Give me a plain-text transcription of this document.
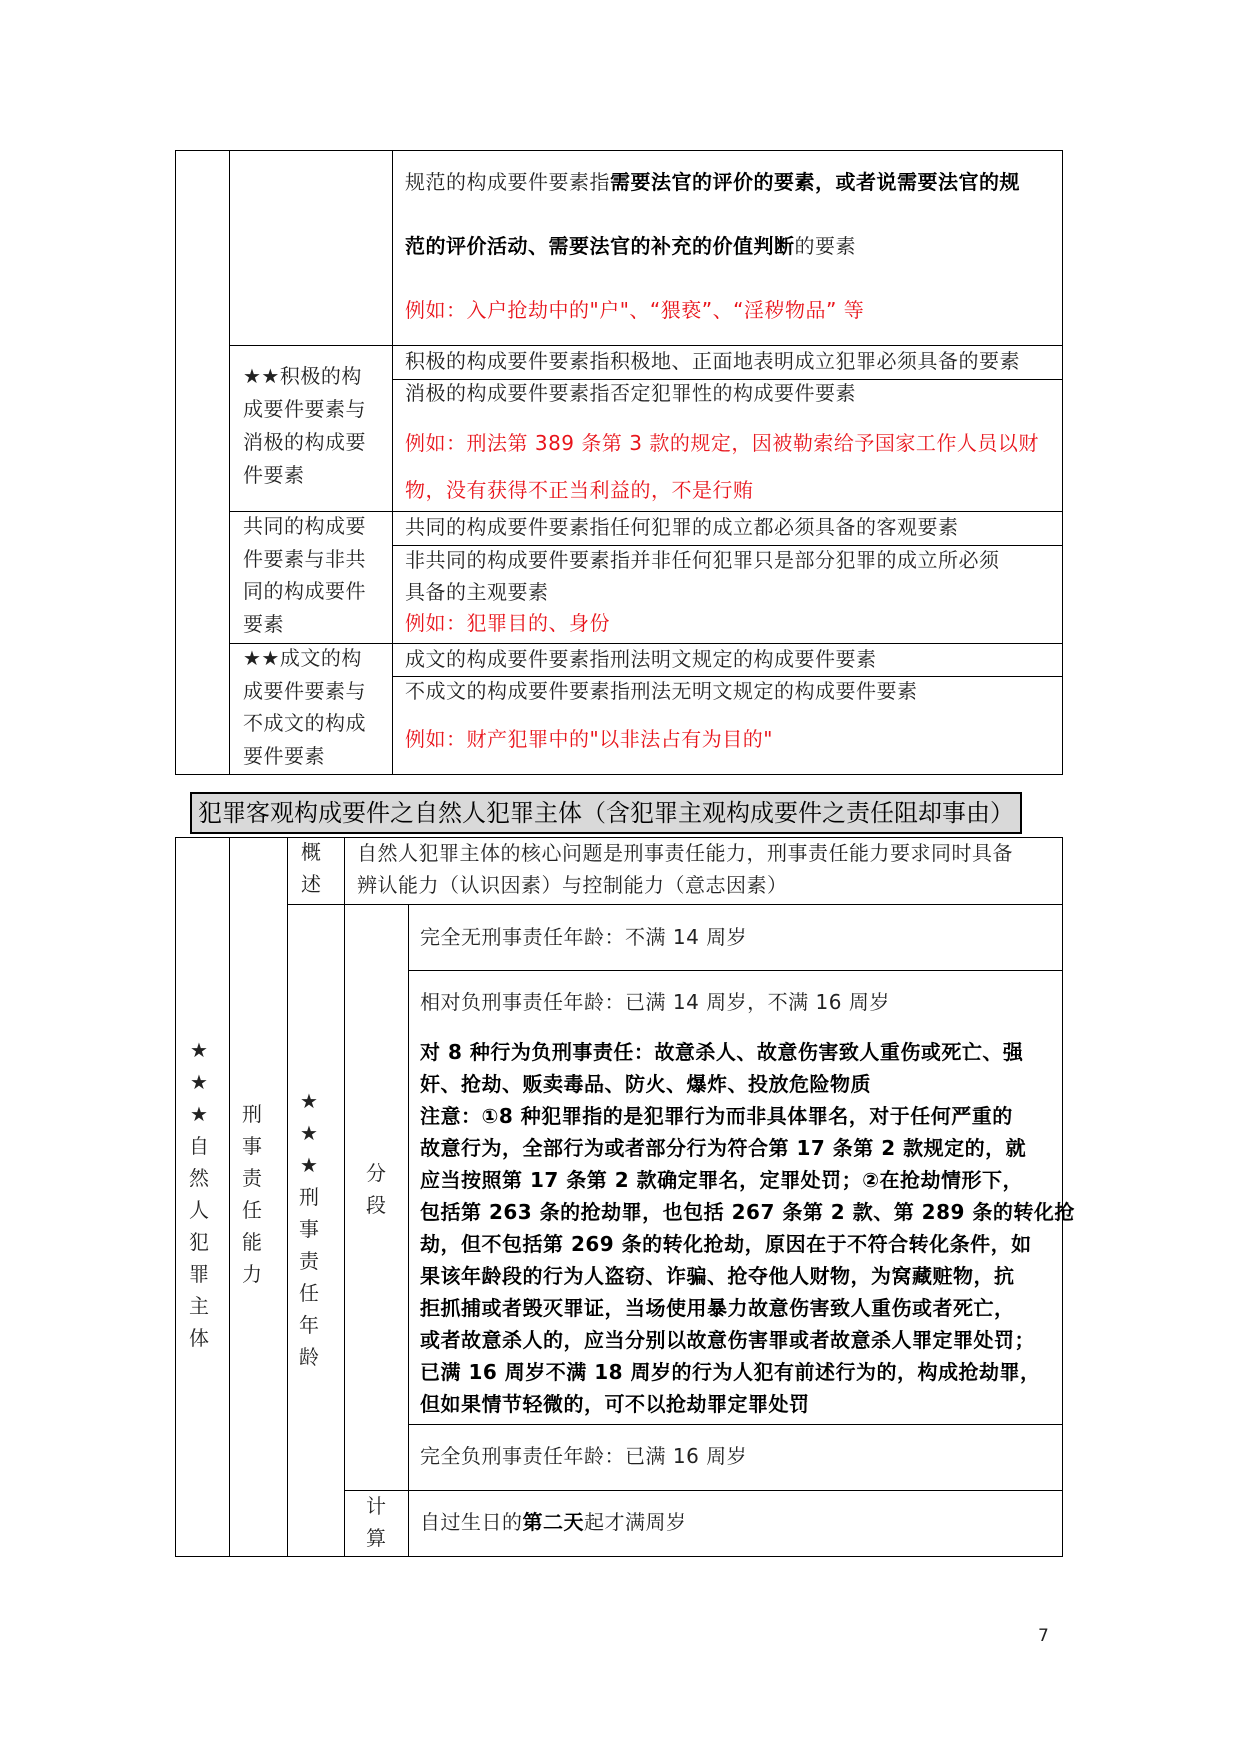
规范的构成要件要素指需要法官的评价的要素，或者说需要法官的规
范的评价活动、需要法官的补充的价值判断的要素
例如：入户抢劫中的"户"、“猥亵”、“淫秽物品” 等
★★积极的构
成要件要素与
消极的构成要
件要素
积极的构成要件要素指积极地、正面地表明成立犯罪必须具备的要素
消极的构成要件要素指否定犯罪性的构成要件要素
例如：刑法第 389 条第 3 款的规定，因被勒索给予国家工作人员以财
物，没有获得不正当利益的，不是行贿
共同的构成要
件要素与非共
同的构成要件
要素
共同的构成要件要素指任何犯罪的成立都必须具备的客观要素
非共同的构成要件要素指并非任何犯罪只是部分犯罪的成立所必须
具备的主观要素
例如：犯罪目的、身份
★★成文的构
成要件要素与
不成文的构成
要件要素
成文的构成要件要素指刑法明文规定的构成要件要素
不成文的构成要件要素指刑法无明文规定的构成要件要素
例如：财产犯罪中的"以非法占有为目的"
犯罪客观构成要件之自然人犯罪主体（含犯罪主观构成要件之责任阻却事由）
★
★
★
自
然
人
犯
罪
主
体
刑
事
责
任
能
力
★
★
★
刑
事
责
任
年
龄
概
述
分
段
计
算
自然人犯罪主体的核心问题是刑事责任能力，刑事责任能力要求同时具备
辨认能力（认识因素）与控制能力（意志因素）
完全无刑事责任年龄：不满 14 周岁
相对负刑事责任年龄：已满 14 周岁，不满 16 周岁
对 8 种行为负刑事责任：故意杀人、故意伤害致人重伤或死亡、强
奸、抢劫、贩卖毒品、防火、爆炸、投放危险物质
注意：①8 种犯罪指的是犯罪行为而非具体罪名，对于任何严重的
故意行为，全部行为或者部分行为符合第 17 条第 2 款规定的，就
应当按照第 17 条第 2 款确定罪名，定罪处罚；②在抢劫情形下，
包括第 263 条的抢劫罪，也包括 267 条第 2 款、第 289 条的转化抢
劫，但不包括第 269 条的转化抢劫，原因在于不符合转化条件，如
果该年龄段的行为人盗窃、诈骗、抢夺他人财物，为窝藏赃物，抗
拒抓捕或者毁灭罪证，当场使用暴力故意伤害致人重伤或者死亡，
或者故意杀人的，应当分别以故意伤害罪或者故意杀人罪定罪处罚；
已满 16 周岁不满 18 周岁的行为人犯有前述行为的，构成抢劫罪，
但如果情节轻微的，可不以抢劫罪定罪处罚
完全负刑事责任年龄：已满 16 周岁
自过生日的第二天起才满周岁
7
